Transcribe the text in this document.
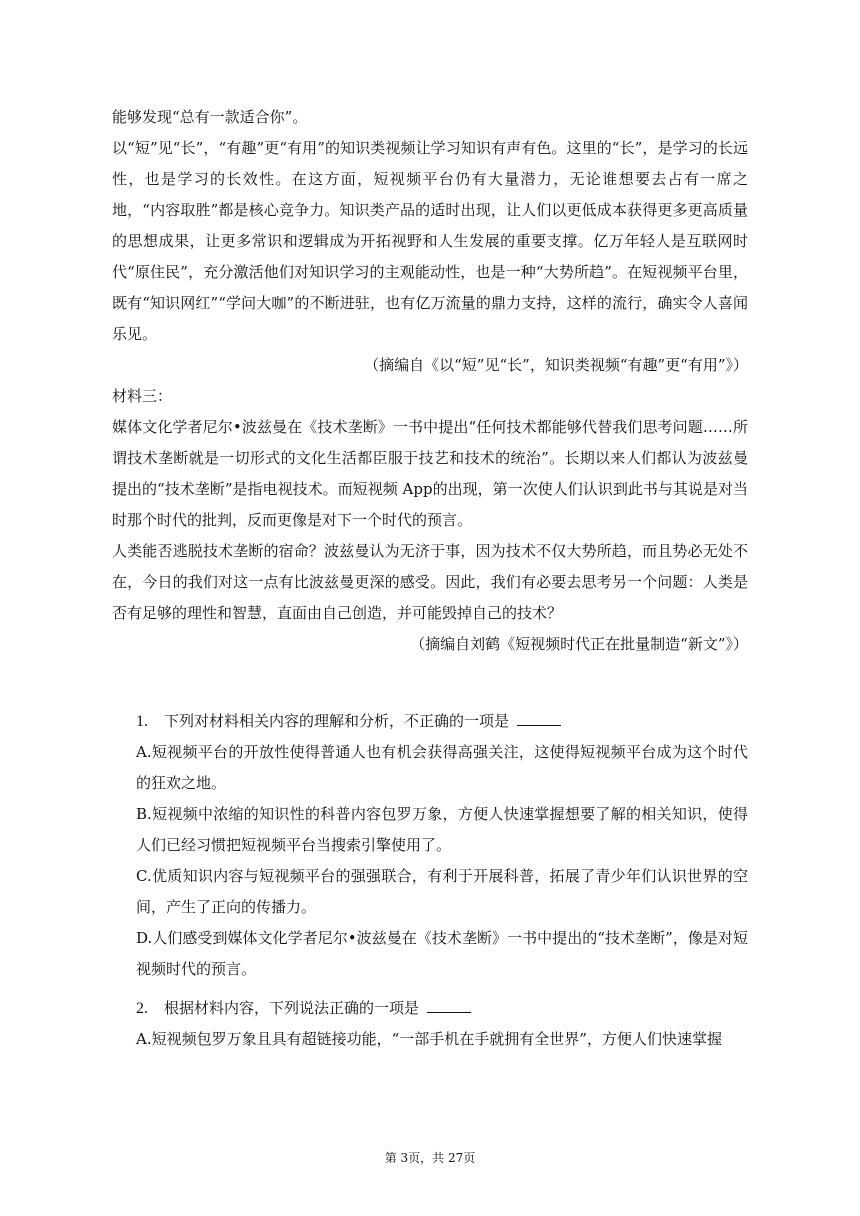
能够发现“总有一款适合你”。

以“短”见“长”，“有趣”更“有用”的知识类视频让学习知识有声有色。这里的“长”，是学习的长远性，也是学习的长效性。在这方面，短视频平台仍有大量潜力，无论谁想要去占有一席之地，“内容取胜”都是核心竞争力。知识类产品的适时出现，让人们以更低成本获得更多更高质量的思想成果，让更多常识和逻辑成为开拓视野和人生发展的重要支撑。亿万年轻人是互联网时代“原住民”，充分激活他们对知识学习的主观能动性，也是一种“大势所趋”。在短视频平台里，既有“知识网红”“学问大咖”的不断进驻，也有亿万流量的鼎力支持，这样的流行，确实令人喜闻乐见。

（摘编自《以“短”见“长”，知识类视频“有趣”更“有用”》）

材料三：

媒体文化学者尼尔•波兹曼在《技术垄断》一书中提出“任何技术都能够代替我们思考问题……所谓技术垄断就是一切形式的文化生活都臣服于技艺和技术的统治”。长期以来人们都认为波兹曼提出的“技术垄断”是指电视技术。而短视频 App的出现，第一次使人们认识到此书与其说是对当时那个时代的批判，反而更像是对下一个时代的预言。

人类能否逃脱技术垄断的宿命？波兹曼认为无济于事，因为技术不仅大势所趋，而且势必无处不在，今日的我们对这一点有比波兹曼更深的感受。因此，我们有必要去思考另一个问题：人类是否有足够的理性和智慧，直面由自己创造，并可能毁掉自己的技术？

（摘编自刘鹤《短视频时代正在批量制造“新文”》）

1. 下列对材料相关内容的理解和分析，不正确的一项是

A.短视频平台的开放性使得普通人也有机会获得高强关注，这使得短视频平台成为这个时代的狂欢之地。

B.短视频中浓缩的知识性的科普内容包罗万象，方便人快速掌握想要了解的相关知识，使得人们已经习惯把短视频平台当搜索引擎使用了。

C.优质知识内容与短视频平台的强强联合，有利于开展科普，拓展了青少年们认识世界的空间，产生了正向的传播力。

D.人们感受到媒体文化学者尼尔•波兹曼在《技术垄断》一书中提出的“技术垄断”，像是对短视频时代的预言。

2. 根据材料内容，下列说法正确的一项是

A.短视频包罗万象且具有超链接功能，“一部手机在手就拥有全世界”，方便人们快速掌握

第 3页，共 27页
